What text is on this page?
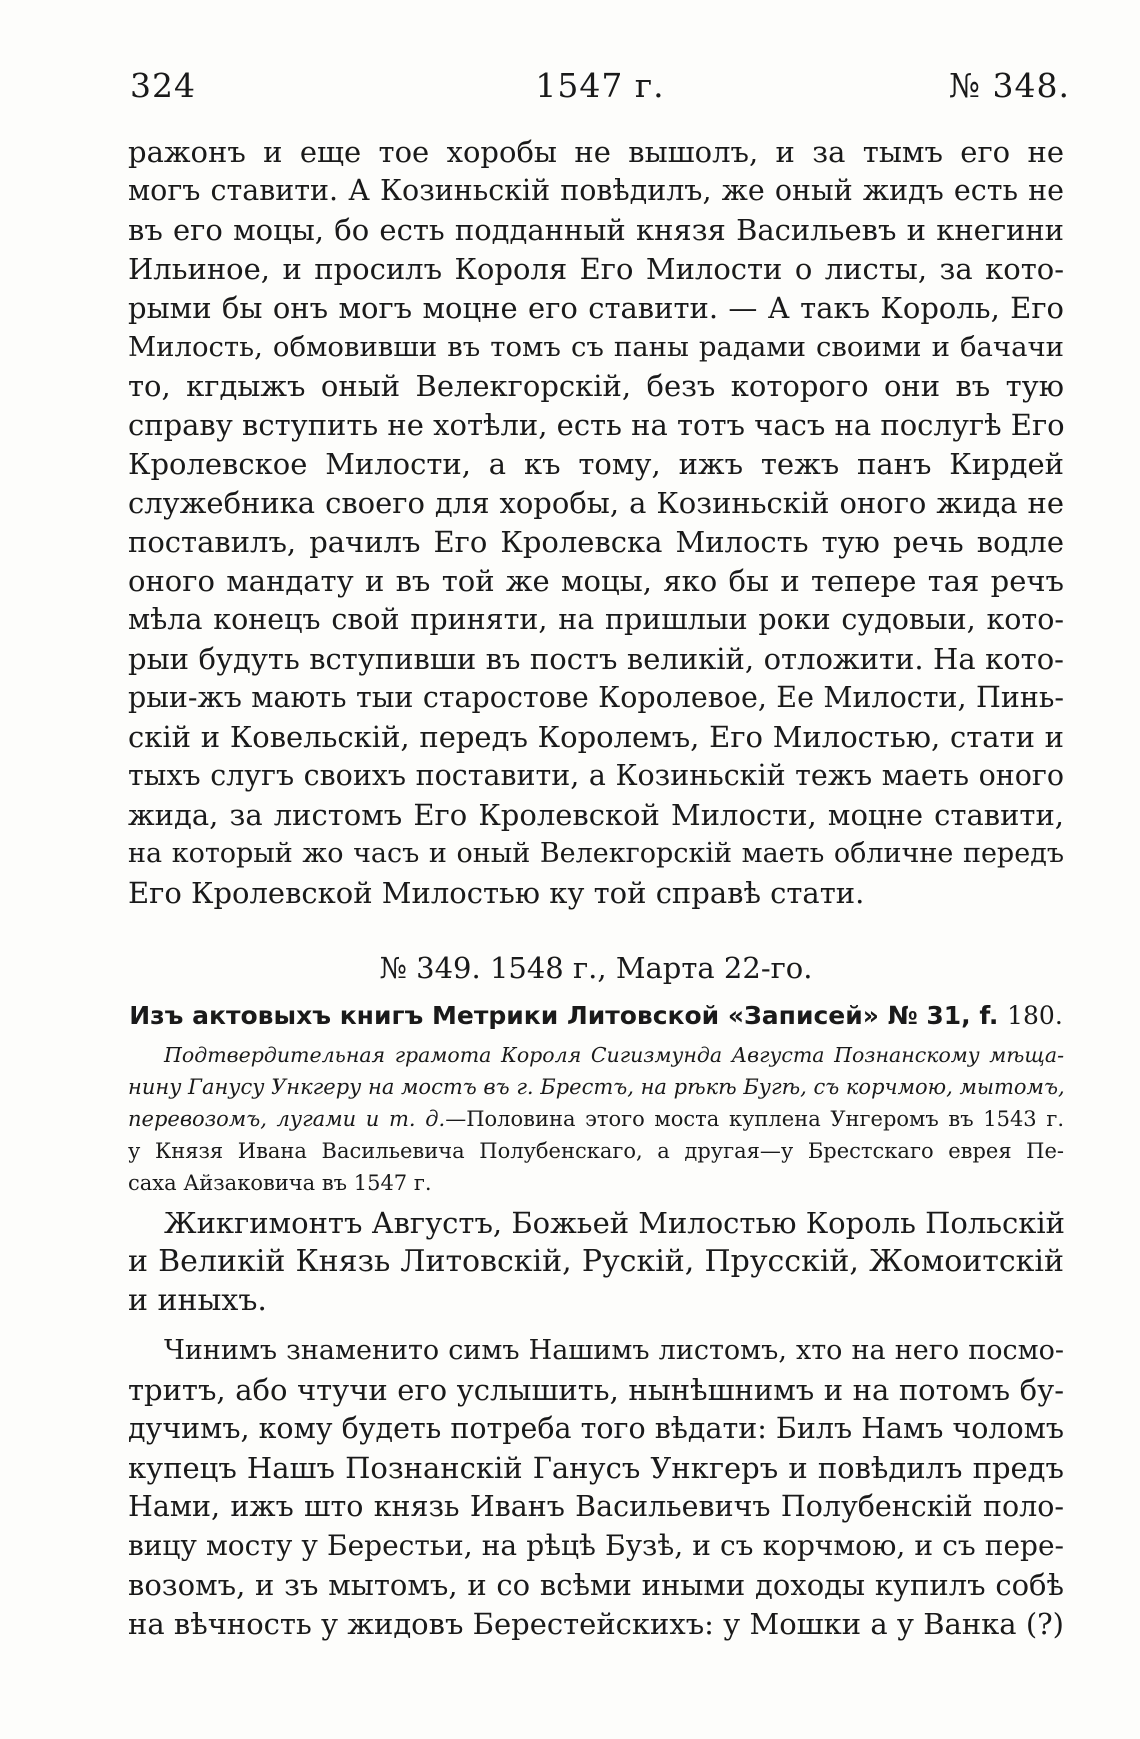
324	1547 г.	№ 348.
ражонъ и еще тое хоробы не вышолъ, и за тымъ его не
могъ ставити. А Козиньскiй повѣдилъ, же оный жидъ есть не
въ его моцы, бо есть подданный князя Васильевъ и кнегини
Ильиное, и просилъ Короля Его Милости о листы, за кото-
рыми бы онъ могъ моцне его ставити. — А такъ Король, Его
Милость, обмовивши въ томъ съ паны радами своими и бачачи
то, кгдыжъ оный Велекгорскiй, безъ которого они въ тую
справу вступить не хотѣли, есть на тотъ часъ на послугѣ Его
Кролевское Милости, а къ тому, ижъ тежъ панъ Кирдей
служебника своего для хоробы, а Козиньскiй оного жида не
поставилъ, рачилъ Его Кролевска Милость тую речь водле
оного мандату и въ той же моцы, яко бы и тепере тая речъ
мѣла конецъ свой приняти, на пришлыи роки судовыи, кото-
рыи будуть вступивши въ постъ великiй, отложити. На кото-
рыи-жъ мають тыи старостове Королевое, Ее Милости, Пинь-
скiй и Ковельскiй, передъ Королемъ, Его Милостью, стати и
тыхъ слугъ своихъ поставити, а Козиньскiй тежъ маеть оного
жида, за листомъ Его Кролевской Милости, моцне ставити,
на который жо часъ и оный Велекгорскiй маеть обличне передъ
Его Кролевской Милостью ку той справѣ стати.
№ 349. 1548 г., Марта 22-го.
Изъ актовыхъ книгъ Метрики Литовской «Записей» № 31, f. 180.
Подтвердительная грамота Короля Сигизмунда Августа Познанскому мѣща-
нину Ганусу Ункгеру на мостъ въ г. Брестъ, на рѣкѣ Бугѣ, съ корчмою, мытомъ,
перевозомъ, лугами и т. д.—Половина этого моста куплена Унгеромъ въ 1543 г.
у Князя Ивана Васильевича Полубенскаго, а другая—у Брестскаго еврея Пе-
саха Айзаковича въ 1547 г.
Жикгимонтъ Августъ, Божьей Милостью Король Польскiй
и Великiй Князь Литовскiй, Рускiй, Прусскiй, Жомоитскiй
и иныхъ.
Чинимъ знаменито симъ Нашимъ листомъ, хто на него посмо-
тритъ, або чтучи его услышить, нынѣшнимъ и на потомъ бу-
дучимъ, кому будеть потреба того вѣдати: Билъ Намъ чоломъ
купецъ Нашъ Познанскiй Ганусъ Ункгеръ и повѣдилъ предъ
Нами, ижъ што князь Иванъ Васильевичъ Полубенскiй поло-
вицу мосту у Берестьи, на рѣцѣ Бузѣ, и съ корчмою, и съ пере-
возомъ, и зъ мытомъ, и со всѣми иными доходы купилъ собѣ
на вѣчность у жидовъ Берестейскихъ: у Мошки а у Ванка (?)
